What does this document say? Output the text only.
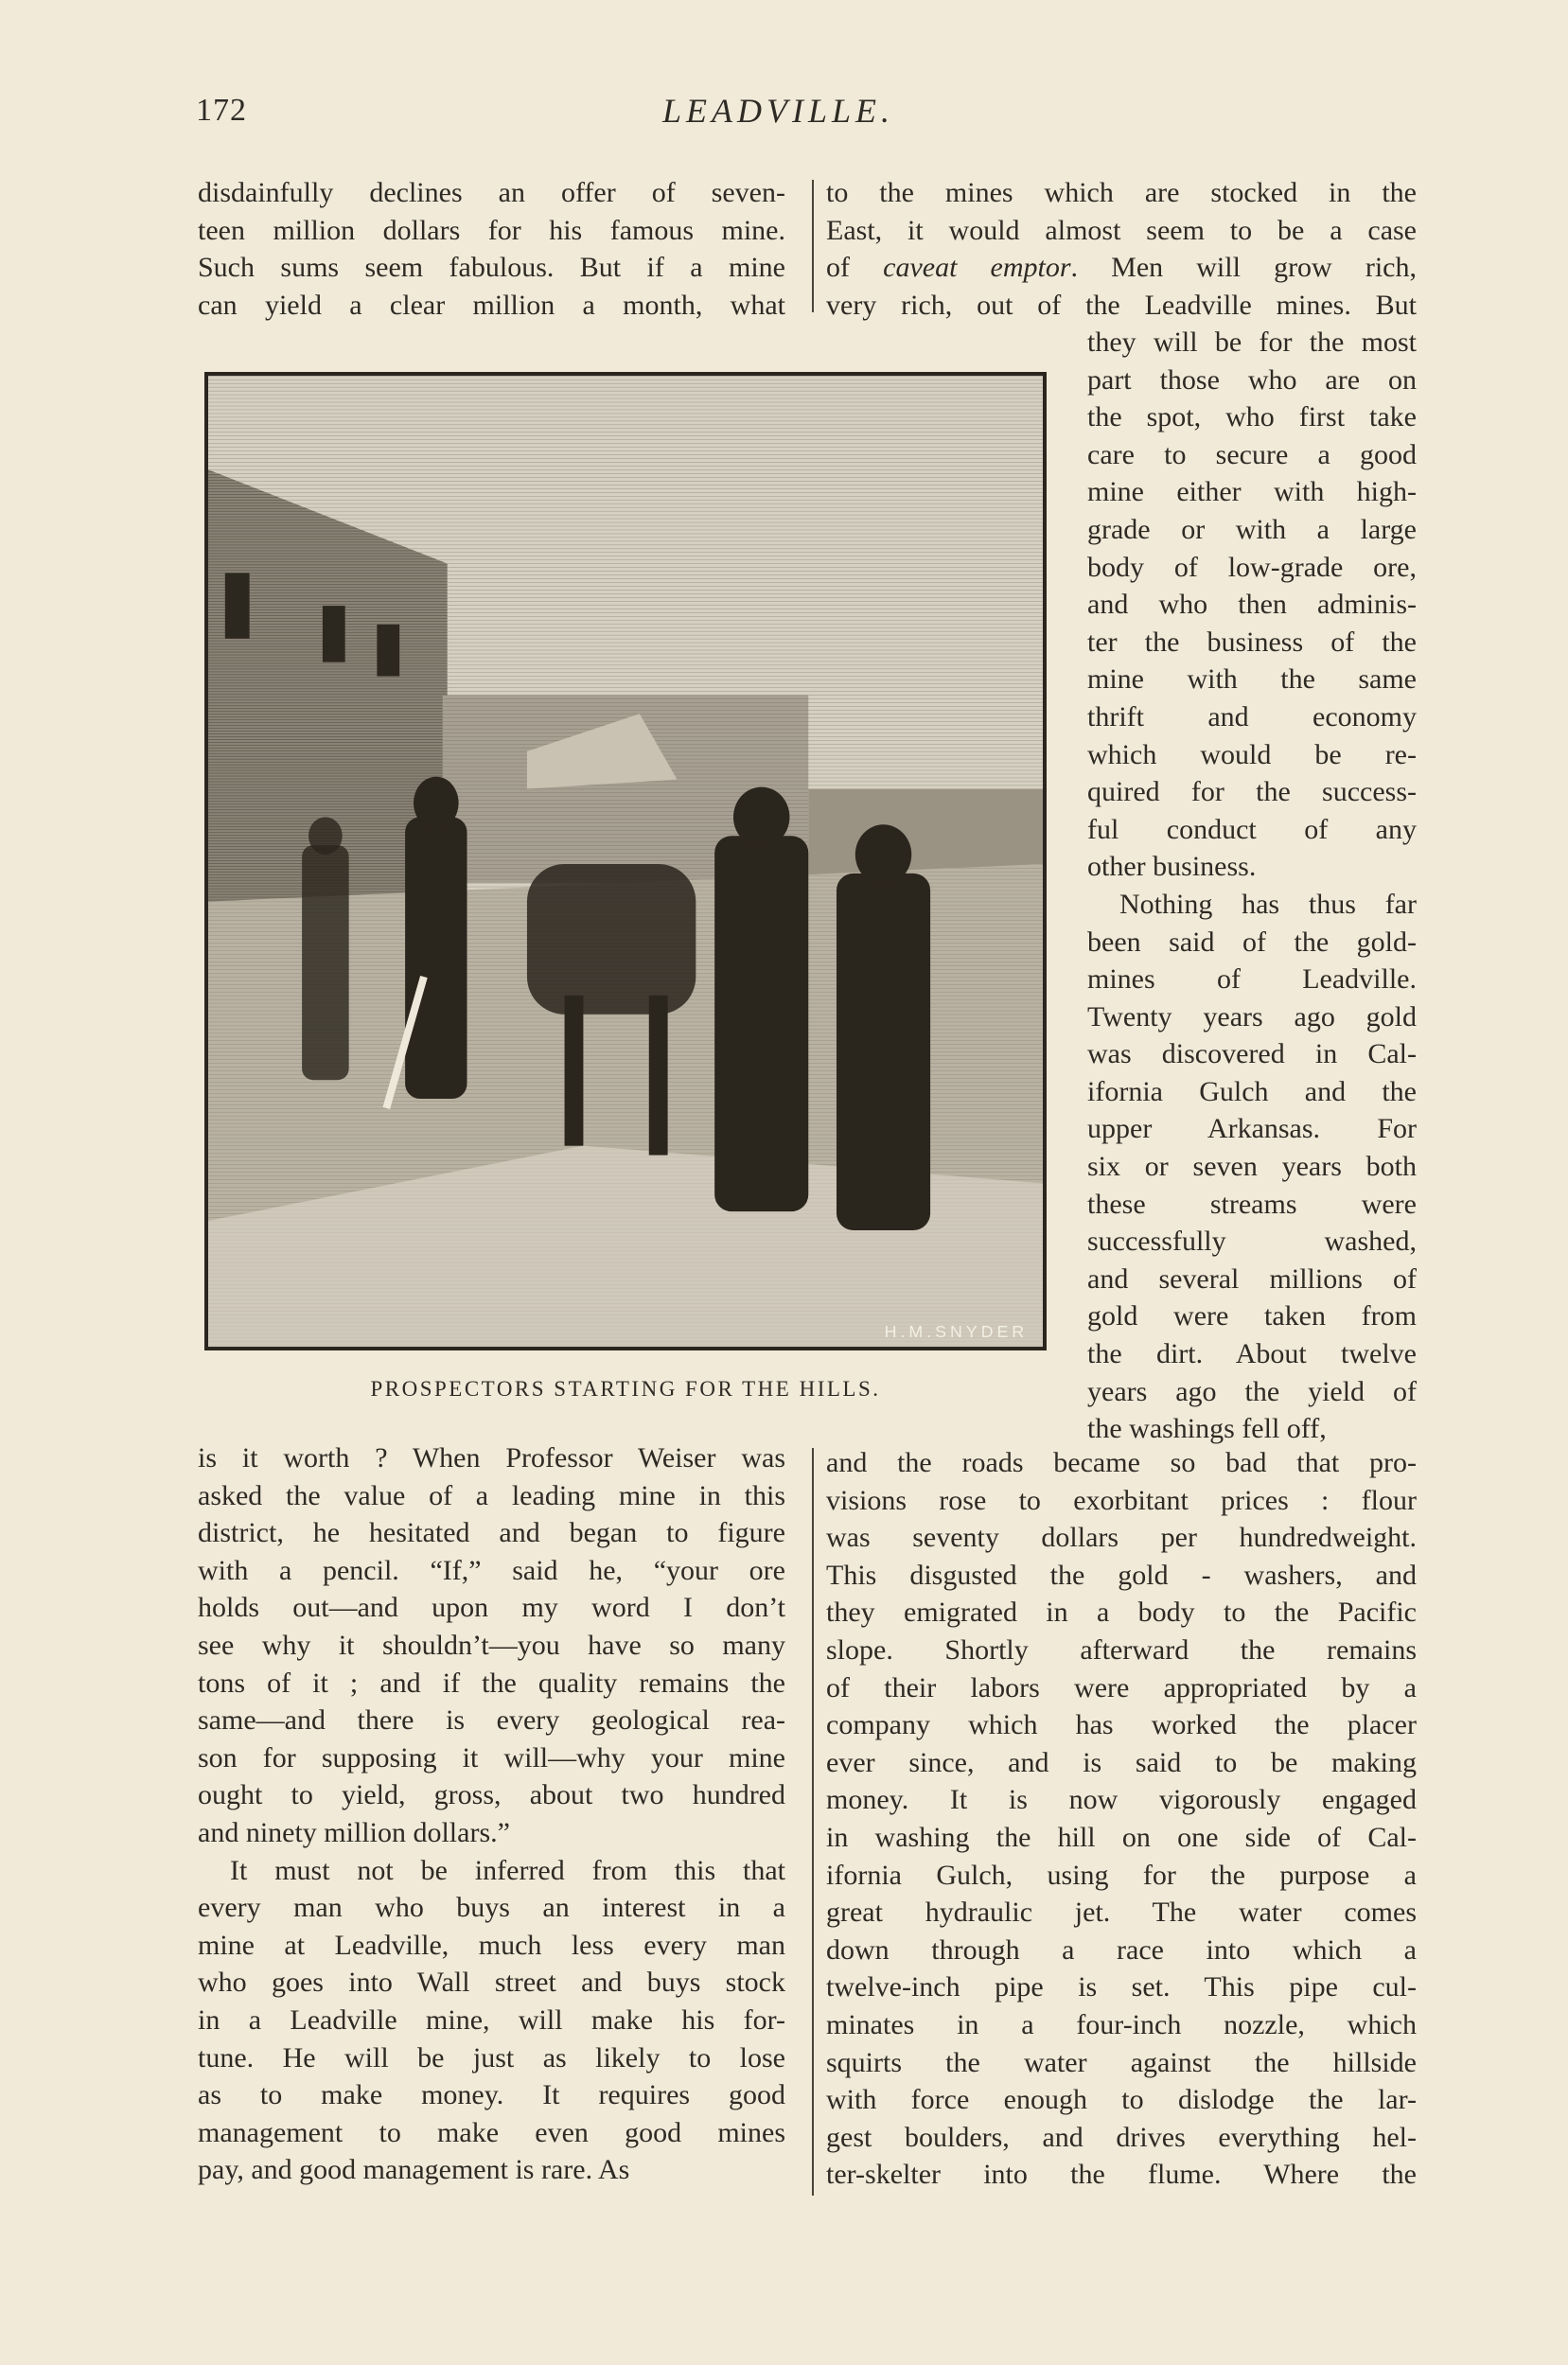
172	LEADVILLE.
disdainfully declines an offer of seven-
teen million dollars for his famous mine.
Such sums seem fabulous. But if a mine
can yield a clear million a month, what
to the mines which are stocked in the
East, it would almost seem to be a case
of caveat emptor. Men will grow rich,
very rich, out of the Leadville mines. But
they will be for the most
part those who are on
the spot, who first take
care to secure a good
mine either with high-
grade or with a large
body of low-grade ore,
and who then adminis-
ter the business of the
mine with the same
thrift and economy
which would be re-
quired for the success-
ful conduct of any
other business.
Nothing has thus far
been said of the gold-
mines of Leadville.
Twenty years ago gold
was discovered in Cal-
ifornia Gulch and the
upper Arkansas. For
six or seven years both
these streams were
successfully washed,
and several millions of
gold were taken from
the dirt. About twelve
years ago the yield of
the washings fell off,
is it worth ? When Professor Weiser was
asked the value of a leading mine in this
district, he hesitated and began to figure
with a pencil. “If,” said he, “your ore
holds out—and upon my word I don’t
see why it shouldn’t—you have so many
tons of it ; and if the quality remains the
same—and there is every geological rea-
son for supposing it will—why your mine
ought to yield, gross, about two hundred
and ninety million dollars.”
It must not be inferred from this that
every man who buys an interest in a
mine at Leadville, much less every man
who goes into Wall street and buys stock
in a Leadville mine, will make his for-
tune. He will be just as likely to lose
as to make money. It requires good
management to make even good mines
pay, and good management is rare. As
and the roads became so bad that pro-
visions rose to exorbitant prices : flour
was seventy dollars per hundredweight.
This disgusted the gold - washers, and
they emigrated in a body to the Pacific
slope. Shortly afterward the remains
of their labors were appropriated by a
company which has worked the placer
ever since, and is said to be making
money. It is now vigorously engaged
in washing the hill on one side of Cal-
ifornia Gulch, using for the purpose a
great hydraulic jet. The water comes
down through a race into which a
twelve-inch pipe is set. This pipe cul-
minates in a four-inch nozzle, which
squirts the water against the hillside
with force enough to dislodge the lar-
gest boulders, and drives everything hel-
ter-skelter into the flume. Where the
H.M.SNYDER
PROSPECTORS STARTING FOR THE HILLS.
